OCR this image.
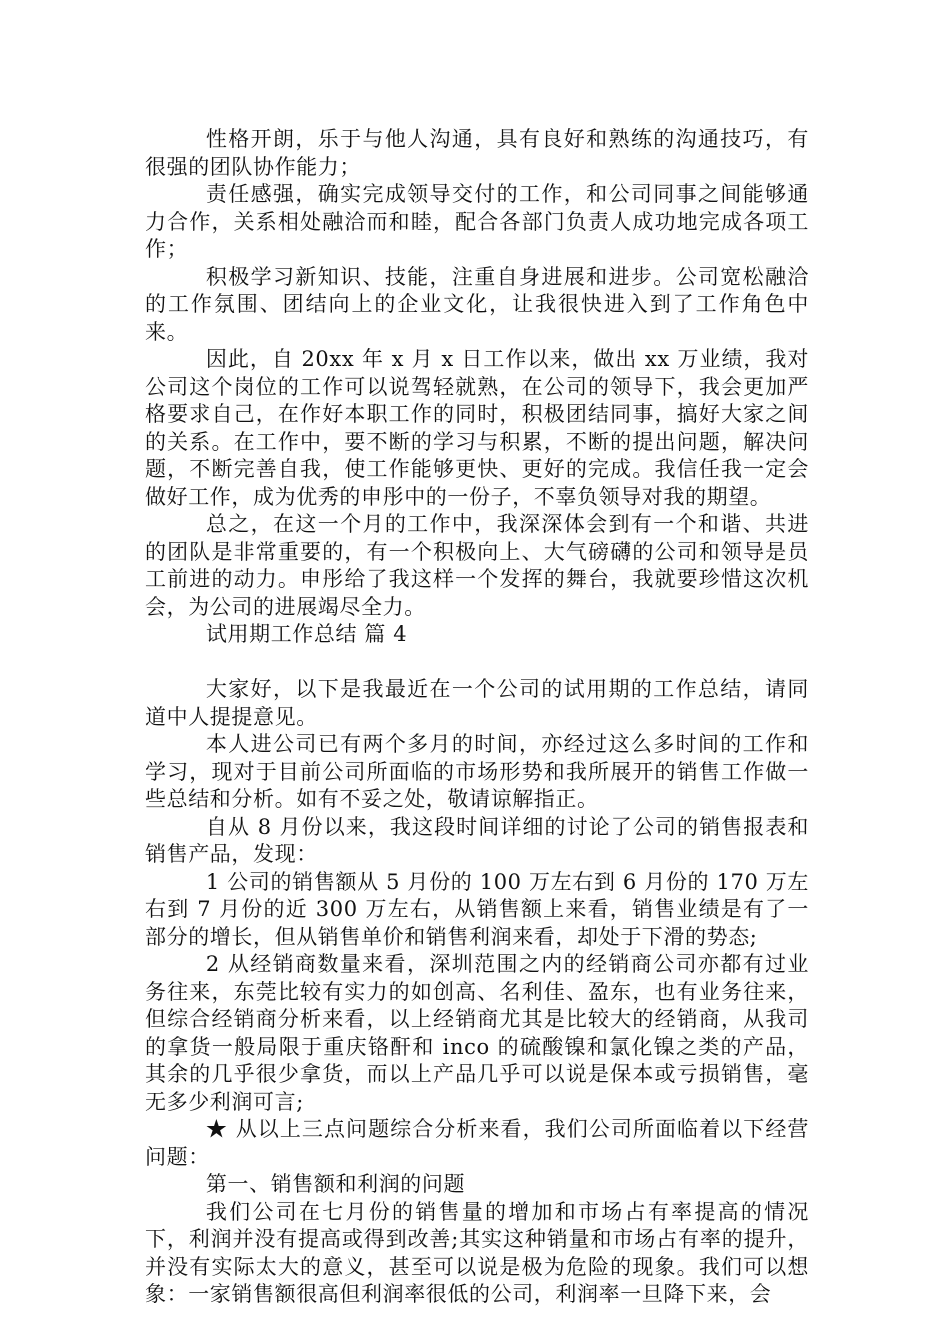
性格开朗，乐于与他人沟通，具有良好和熟练的沟通技巧，有很强的团队协作能力；

责任感强，确实完成领导交付的工作，和公司同事之间能够通力合作，关系相处融洽而和睦，配合各部门负责人成功地完成各项工作；

积极学习新知识、技能，注重自身进展和进步。公司宽松融洽的工作氛围、团结向上的企业文化，让我很快进入到了工作角色中来。

因此，自 20xx 年 x 月 x 日工作以来，做出 xx 万业绩，我对公司这个岗位的工作可以说驾轻就熟，在公司的领导下，我会更加严格要求自己，在作好本职工作的同时，积极团结同事，搞好大家之间的关系。在工作中，要不断的学习与积累，不断的提出问题，解决问题，不断完善自我，使工作能够更快、更好的完成。我信任我一定会做好工作，成为优秀的申彤中的一份子，不辜负领导对我的期望。

总之，在这一个月的工作中，我深深体会到有一个和谐、共进的团队是非常重要的，有一个积极向上、大气磅礴的公司和领导是员工前进的动力。申彤给了我这样一个发挥的舞台，我就要珍惜这次机会，为公司的进展竭尽全力。

试用期工作总结 篇 4

大家好，以下是我最近在一个公司的试用期的工作总结，请同道中人提提意见。

本人进公司已有两个多月的时间，亦经过这么多时间的工作和学习，现对于目前公司所面临的市场形势和我所展开的销售工作做一些总结和分析。如有不妥之处，敬请谅解指正。

自从 8 月份以来，我这段时间详细的讨论了公司的销售报表和销售产品，发现：

1 公司的销售额从 5 月份的 100 万左右到 6 月份的 170 万左右到 7 月份的近 300 万左右，从销售额上来看，销售业绩是有了一部分的增长，但从销售单价和销售利润来看，却处于下滑的势态;

2 从经销商数量来看，深圳范围之内的经销商公司亦都有过业务往来，东莞比较有实力的如创高、名利佳、盈东，也有业务往来，但综合经销商分析来看，以上经销商尤其是比较大的经销商，从我司的拿货一般局限于重庆铬酐和 inco 的硫酸镍和氯化镍之类的产品，其余的几乎很少拿货，而以上产品几乎可以说是保本或亏损销售，毫无多少利润可言;

★ 从以上三点问题综合分析来看，我们公司所面临着以下经营问题：

第一、销售额和利润的问题

我们公司在七月份的销售量的增加和市场占有率提高的情况下，利润并没有提高或得到改善;其实这种销量和市场占有率的提升，并没有实际太大的意义，甚至可以说是极为危险的现象。我们可以想象：一家销售额很高但利润率很低的公司，利润率一旦降下来，会
